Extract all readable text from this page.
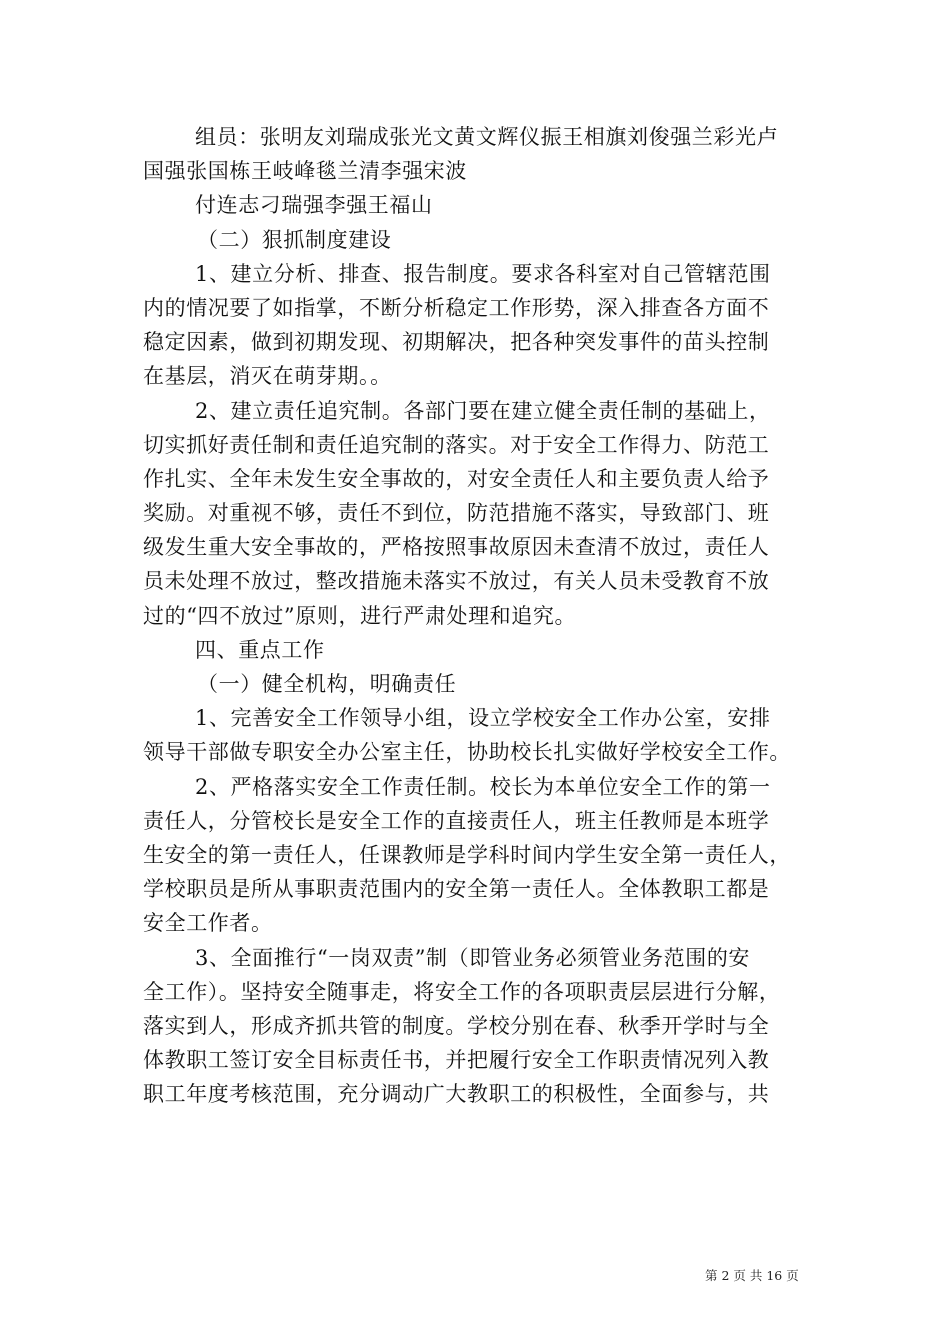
组员：张明友刘瑞成张光文黄文辉仪振王相旗刘俊强兰彩光卢
国强张国栋王岐峰毯兰清李强宋波
付连志刁瑞强李强王福山
（二）狠抓制度建设
1、建立分析、排查、报告制度。要求各科室对自己管辖范围
内的情况要了如指掌，不断分析稳定工作形势，深入排查各方面不
稳定因素，做到初期发现、初期解决，把各种突发事件的苗头控制
在基层，消灭在萌芽期。。
2、建立责任追究制。各部门要在建立健全责任制的基础上，
切实抓好责任制和责任追究制的落实。对于安全工作得力、防范工
作扎实、全年未发生安全事故的，对安全责任人和主要负责人给予
奖励。对重视不够，责任不到位，防范措施不落实，导致部门、班
级发生重大安全事故的，严格按照事故原因未查清不放过，责任人
员未处理不放过，整改措施未落实不放过，有关人员未受教育不放
过的“四不放过”原则，进行严肃处理和追究。
四、重点工作
（一）健全机构，明确责任
1、完善安全工作领导小组，设立学校安全工作办公室，安排
领导干部做专职安全办公室主任，协助校长扎实做好学校安全工作。
2、严格落实安全工作责任制。校长为本单位安全工作的第一
责任人，分管校长是安全工作的直接责任人，班主任教师是本班学
生安全的第一责任人，任课教师是学科时间内学生安全第一责任人，
学校职员是所从事职责范围内的安全第一责任人。全体教职工都是
安全工作者。
3、全面推行“一岗双责”制（即管业务必须管业务范围的安
全工作）。坚持安全随事走，将安全工作的各项职责层层进行分解，
落实到人，形成齐抓共管的制度。学校分别在春、秋季开学时与全
体教职工签订安全目标责任书，并把履行安全工作职责情况列入教
职工年度考核范围，充分调动广大教职工的积极性，全面参与，共
第 2 页 共 16 页
